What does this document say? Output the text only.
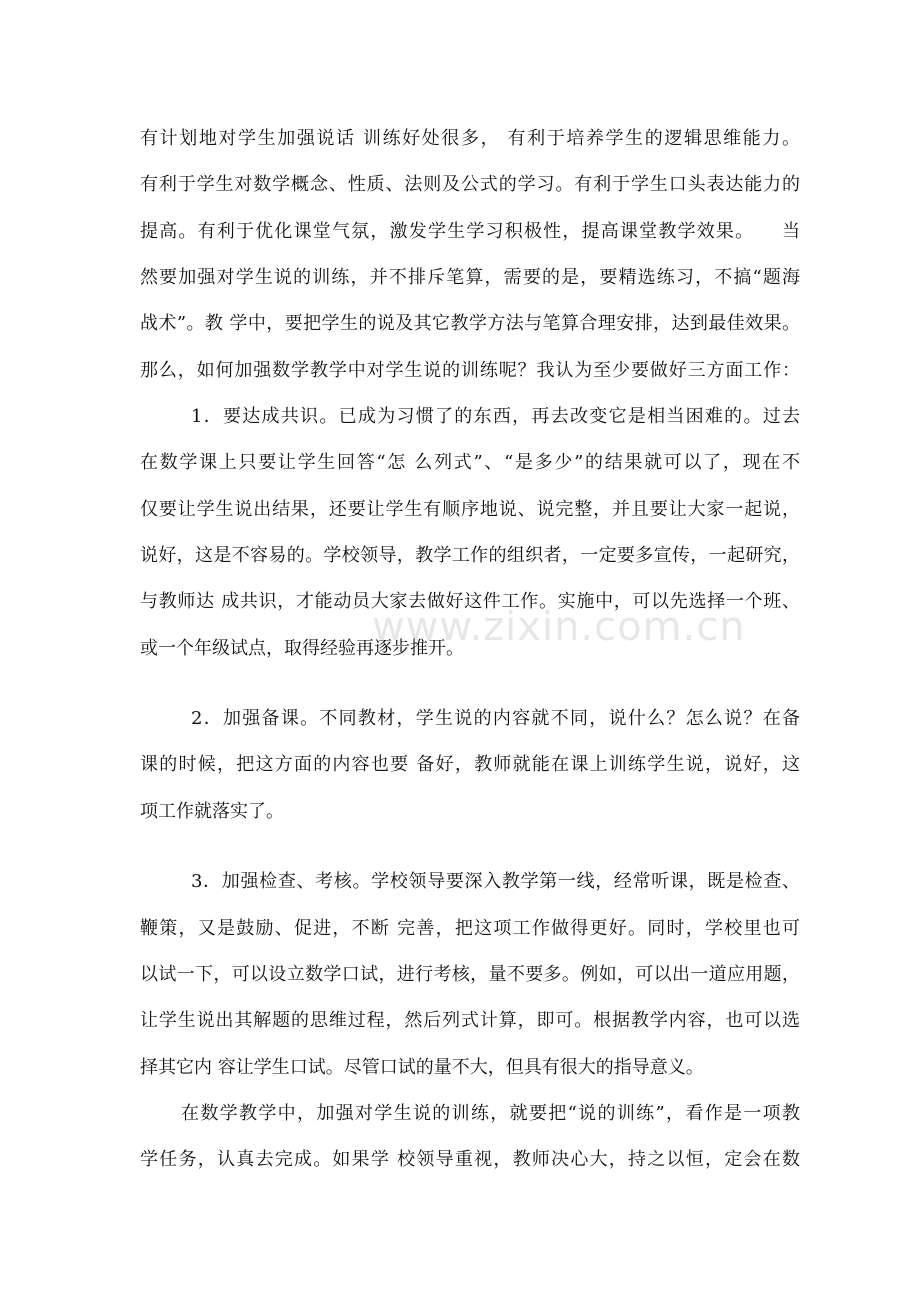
有计划地对学生加强说话 训练好处很多， 有利于培养学生的逻辑思维能力。
有利于学生对数学概念、性质、法则及公式的学习。有利于学生口头表达能力的
提高。有利于优化课堂气氛，激发学生学习积极性，提高课堂教学效果。    当
然要加强对学生说的训练，并不排斥笔算，需要的是，要精选练习，不搞“题海
战术”。教 学中，要把学生的说及其它教学方法与笔算合理安排，达到最佳效果。
那么，如何加强数学教学中对学生说的训练呢？我认为至少要做好三方面工作：
1．要达成共识。已成为习惯了的东西，再去改变它是相当困难的。过去
在数学课上只要让学生回答“怎 么列式”、“是多少”的结果就可以了，现在不
仅要让学生说出结果，还要让学生有顺序地说、说完整，并且要让大家一起说，
说好，这是不容易的。学校领导，教学工作的组织者，一定要多宣传，一起研究，
与教师达 成共识，才能动员大家去做好这件工作。实施中，可以先选择一个班、
或一个年级试点，取得经验再逐步推开。
2．加强备课。不同教材，学生说的内容就不同，说什么？怎么说？在备
课的时候，把这方面的内容也要 备好，教师就能在课上训练学生说，说好，这
项工作就落实了。
3．加强检查、考核。学校领导要深入教学第一线，经常听课，既是检查、
鞭策，又是鼓励、促进，不断 完善，把这项工作做得更好。同时，学校里也可
以试一下，可以设立数学口试，进行考核，量不要多。例如，可以出一道应用题，
让学生说出其解题的思维过程，然后列式计算，即可。根据教学内容，也可以选
择其它内 容让学生口试。尽管口试的量不大，但具有很大的指导意义。
在数学教学中，加强对学生说的训练，就要把“说的训练”，看作是一项教
学任务，认真去完成。如果学 校领导重视，教师决心大，持之以恒，定会在数
www.zixin.com.cn
